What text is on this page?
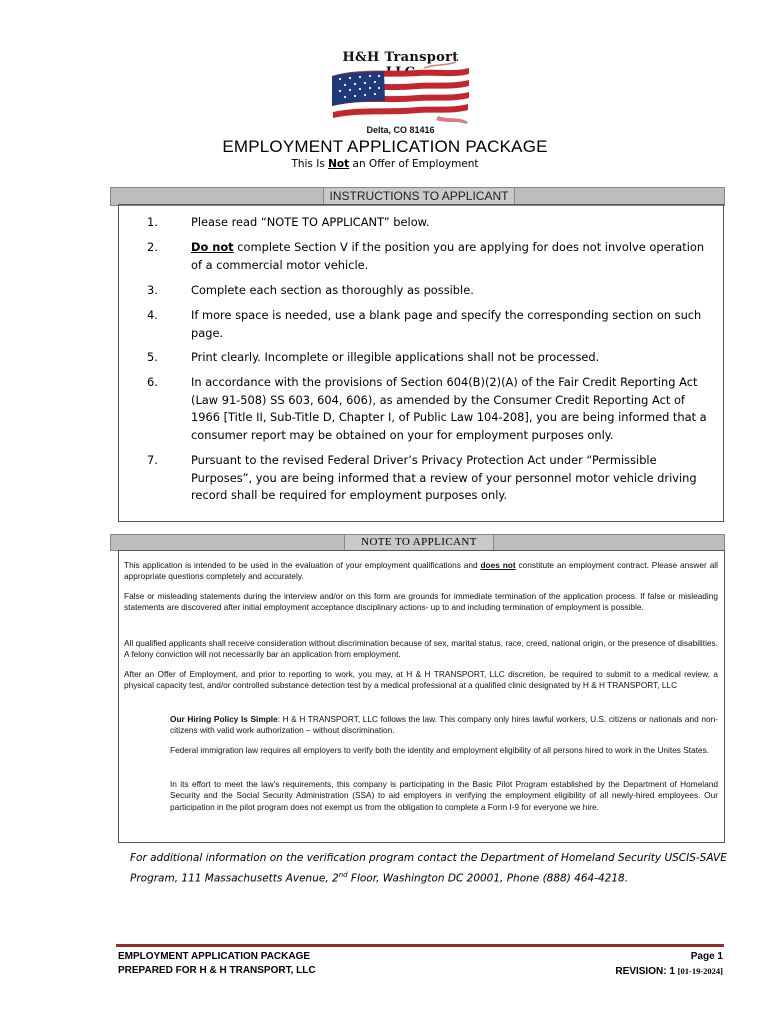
H&H Transport
Delta, CO 81416
EMPLOYMENT APPLICATION PACKAGE
This Is Not an Offer of Employment
INSTRUCTIONS TO APPLICANT
1.	Please read “NOTE TO APPLICANT” below.
2.	Do not complete Section V if the position you are applying for does not involve operation of a commercial motor vehicle.
3.	Complete each section as thoroughly as possible.
4.	If more space is needed, use a blank page and specify the corresponding section on such page.
5.	Print clearly. Incomplete or illegible applications shall not be processed.
6.	In accordance with the provisions of Section 604(B)(2)(A) of the Fair Credit Reporting Act (Law 91-508) SS 603, 604, 606), as amended by the Consumer Credit Reporting Act of 1966 [Title II, Sub-Title D, Chapter I, of Public Law 104-208], you are being informed that a consumer report may be obtained on your for employment purposes only.
7.	Pursuant to the revised Federal Driver’s Privacy Protection Act under “Permissible Purposes”, you are being informed that a review of your personnel motor vehicle driving record shall be required for employment purposes only.
NOTE TO APPLICANT
This application is intended to be used in the evaluation of your employment qualifications and does not constitute an employment contract. Please answer all appropriate questions completely and accurately.
False or misleading statements during the interview and/or on this form are grounds for immediate termination of the application process. If false or misleading statements are discovered after initial employment acceptance disciplinary actions- up to and including termination of employment is possible.
All qualified applicants shall receive consideration without discrimination because of sex, marital status, race, creed, national origin, or the presence of disabilities. A felony conviction will not necessarily bar an application from employment.
After an Offer of Employment, and prior to reporting to work, you may, at H & H TRANSPORT, LLC discretion, be required to submit to a medical review, a physical capacity test, and/or controlled substance detection test by a medical professional at a qualified clinic designated by H & H TRANSPORT, LLC
Our Hiring Policy Is Simple: H & H TRANSPORT, LLC follows the law. This company only hires lawful workers, U.S. citizens or nationals and non-citizens with valid work authorization – without discrimination.
Federal immigration law requires all employers to verify both the identity and employment eligibility of all persons hired to work in the Unites States.
In its effort to meet the law’s requirements, this company is participating in the Basic Pilot Program established by the Department of Homeland Security and the Social Security Administration (SSA) to aid employers in verifying the employment eligibility of all newly-hired employees. Our participation in the pilot program does not exempt us from the obligation to complete a Form I-9 for everyone we hire.
For additional information on the verification program contact the Department of Homeland Security USCIS-SAVE Program, 111 Massachusetts Avenue, 2nd Floor, Washington DC 20001, Phone (888) 464-4218.
EMPLOYMENT APPLICATION PACKAGE
PREPARED FOR H & H TRANSPORT, LLC
Page 1
REVISION: 1 [01-19-2024]
